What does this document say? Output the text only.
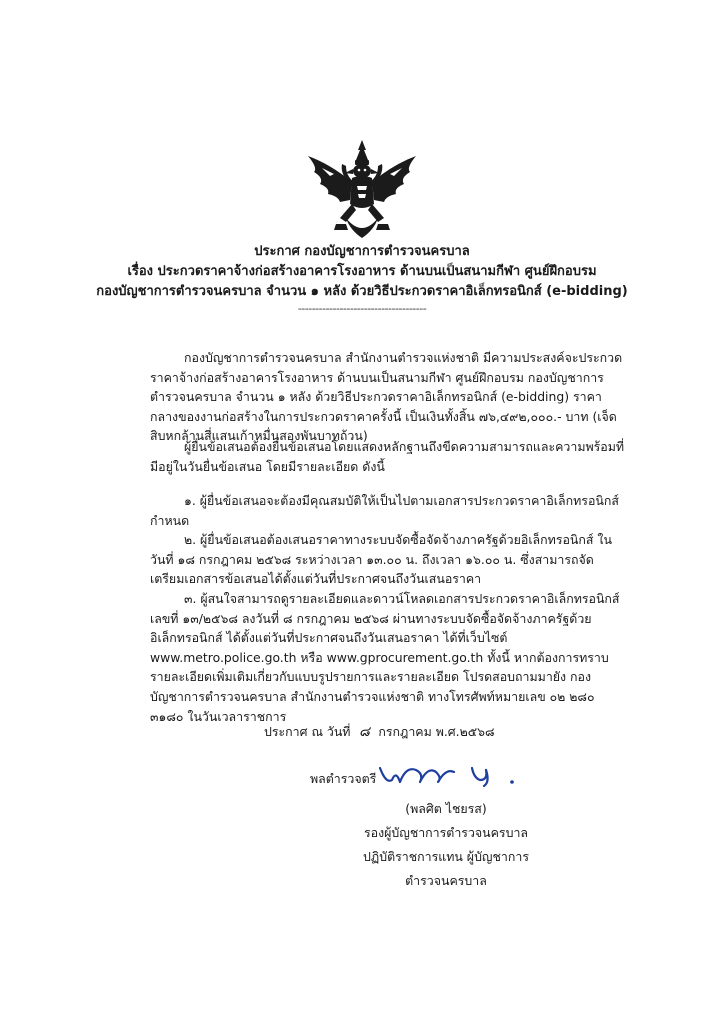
ประกาศ กองบัญชาการตำรวจนครบาล
เรื่อง ประกวดราคาจ้างก่อสร้างอาคารโรงอาหาร ด้านบนเป็นสนามกีฬา ศูนย์ฝึกอบรม
กองบัญชาการตำรวจนครบาล จำนวน ๑ หลัง ด้วยวิธีประกวดราคาอิเล็กทรอนิกส์ (e-bidding)
-------------------------------------

กองบัญชาการตำรวจนครบาล สำนักงานตำรวจแห่งชาติ มีความประสงค์จะประกวดราคาจ้างก่อสร้างอาคารโรงอาหาร ด้านบนเป็นสนามกีฬา ศูนย์ฝึกอบรม กองบัญชาการตำรวจนครบาล จำนวน ๑ หลัง ด้วยวิธีประกวดราคาอิเล็กทรอนิกส์ (e-bidding) ราคากลางของงานก่อสร้างในการประกวดราคาครั้งนี้ เป็นเงินทั้งสิ้น ๗๖,๔๙๒,๐๐๐.- บาท (เจ็ดสิบหกล้านสี่แสนเก้าหมื่นสองพันบาทถ้วน)

ผู้ยื่นข้อเสนอต้องยื่นข้อเสนอโดยแสดงหลักฐานถึงขีดความสามารถและความพร้อมที่มีอยู่ในวันยื่นข้อเสนอ โดยมีรายละเอียด ดังนี้

๑. ผู้ยื่นข้อเสนอจะต้องมีคุณสมบัติให้เป็นไปตามเอกสารประกวดราคาอิเล็กทรอนิกส์กำหนด

๒. ผู้ยื่นข้อเสนอต้องเสนอราคาทางระบบจัดซื้อจัดจ้างภาครัฐด้วยอิเล็กทรอนิกส์ ในวันที่ ๑๘ กรกฎาคม ๒๕๖๘ ระหว่างเวลา ๑๓.๐๐ น. ถึงเวลา ๑๖.๐๐ น. ซึ่งสามารถจัดเตรียมเอกสารข้อเสนอได้ตั้งแต่วันที่ประกาศจนถึงวันเสนอราคา

๓. ผู้สนใจสามารถดูรายละเอียดและดาวน์โหลดเอกสารประกวดราคาอิเล็กทรอนิกส์เลขที่ ๑๓/๒๕๖๘ ลงวันที่ ๘ กรกฎาคม ๒๕๖๘ ผ่านทางระบบจัดซื้อจัดจ้างภาครัฐด้วยอิเล็กทรอนิกส์ ได้ตั้งแต่วันที่ประกาศจนถึงวันเสนอราคา ได้ที่เว็บไซต์ www.metro.police.go.th หรือ www.gprocurement.go.th ทั้งนี้ หากต้องการทราบรายละเอียดเพิ่มเติมเกี่ยวกับแบบรูปรายการและรายละเอียด โปรดสอบถามมายัง กองบัญชาการตำรวจนครบาล สำนักงานตำรวจแห่งชาติ ทางโทรศัพท์หมายเลข ๐๒ ๒๘๐ ๓๑๘๐ ในวันเวลาราชการ

ประกาศ ณ วันที่ ๘ กรกฎาคม พ.ศ.๒๕๖๘
พลตำรวจตรี
(พลศิต ไชยรส)
รองผู้บัญชาการตำรวจนครบาล
ปฏิบัติราชการแทน ผู้บัญชาการตำรวจนครบาล
